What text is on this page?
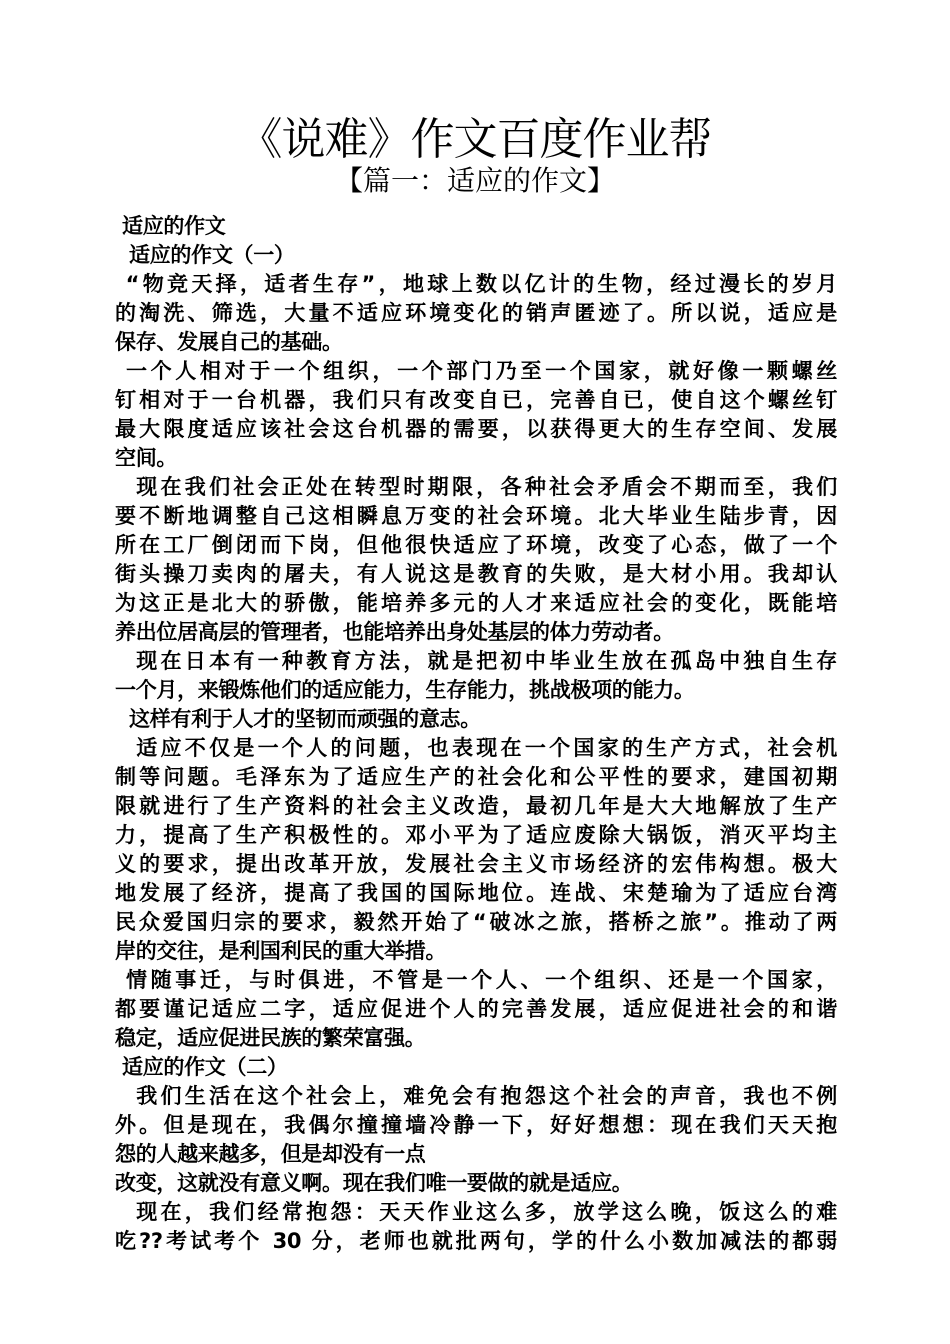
《说难》作文百度作业帮
【篇一：适应的作文】
适应的作文
适应的作文（一）
“物竞天择，适者生存”，地球上数以亿计的生物，经过漫长的岁月
的淘洗、筛选，大量不适应环境变化的销声匿迹了。所以说，适应是
保存、发展自己的基础。
一个人相对于一个组织，一个部门乃至一个国家，就好像一颗螺丝
钉相对于一台机器，我们只有改变自已，完善自已，使自这个螺丝钉
最大限度适应该社会这台机器的需要，以获得更大的生存空间、发展
空间。
现在我们社会正处在转型时期限，各种社会矛盾会不期而至，我们
要不断地调整自己这相瞬息万变的社会环境。北大毕业生陆步青，因
所在工厂倒闭而下岗，但他很快适应了环境，改变了心态，做了一个
街头操刀卖肉的屠夫，有人说这是教育的失败，是大材小用。我却认
为这正是北大的骄傲，能培养多元的人才来适应社会的变化，既能培
养出位居高层的管理者，也能培养出身处基层的体力劳动者。
现在日本有一种教育方法，就是把初中毕业生放在孤岛中独自生存
一个月，来锻炼他们的适应能力，生存能力，挑战极项的能力。
这样有利于人才的坚韧而顽强的意志。
适应不仅是一个人的问题，也表现在一个国家的生产方式，社会机
制等问题。毛泽东为了适应生产的社会化和公平性的要求，建国初期
限就进行了生产资料的社会主义改造，最初几年是大大地解放了生产
力，提高了生产积极性的。邓小平为了适应废除大锅饭，消灭平均主
义的要求，提出改革开放，发展社会主义市场经济的宏伟构想。极大
地发展了经济，提高了我国的国际地位。连战、宋楚瑜为了适应台湾
民众爱国归宗的要求，毅然开始了“破冰之旅，搭桥之旅”。推动了两
岸的交往，是利国利民的重大举措。
情随事迁，与时俱进，不管是一个人、一个组织、还是一个国家，
都要谨记适应二字，适应促进个人的完善发展，适应促进社会的和谐
稳定，适应促进民族的繁荣富强。
适应的作文（二）
我们生活在这个社会上，难免会有抱怨这个社会的声音，我也不例
外。但是现在，我偶尔撞撞墙冷静一下，好好想想：现在我们天天抱
怨的人越来越多，但是却没有一点
改变，这就没有意义啊。现在我们唯一要做的就是适应。
现在，我们经常抱怨：天天作业这么多，放学这么晚，饭这么的难
吃??考试考个 30 分，老师也就批两句，学的什么小数加减法的都弱
